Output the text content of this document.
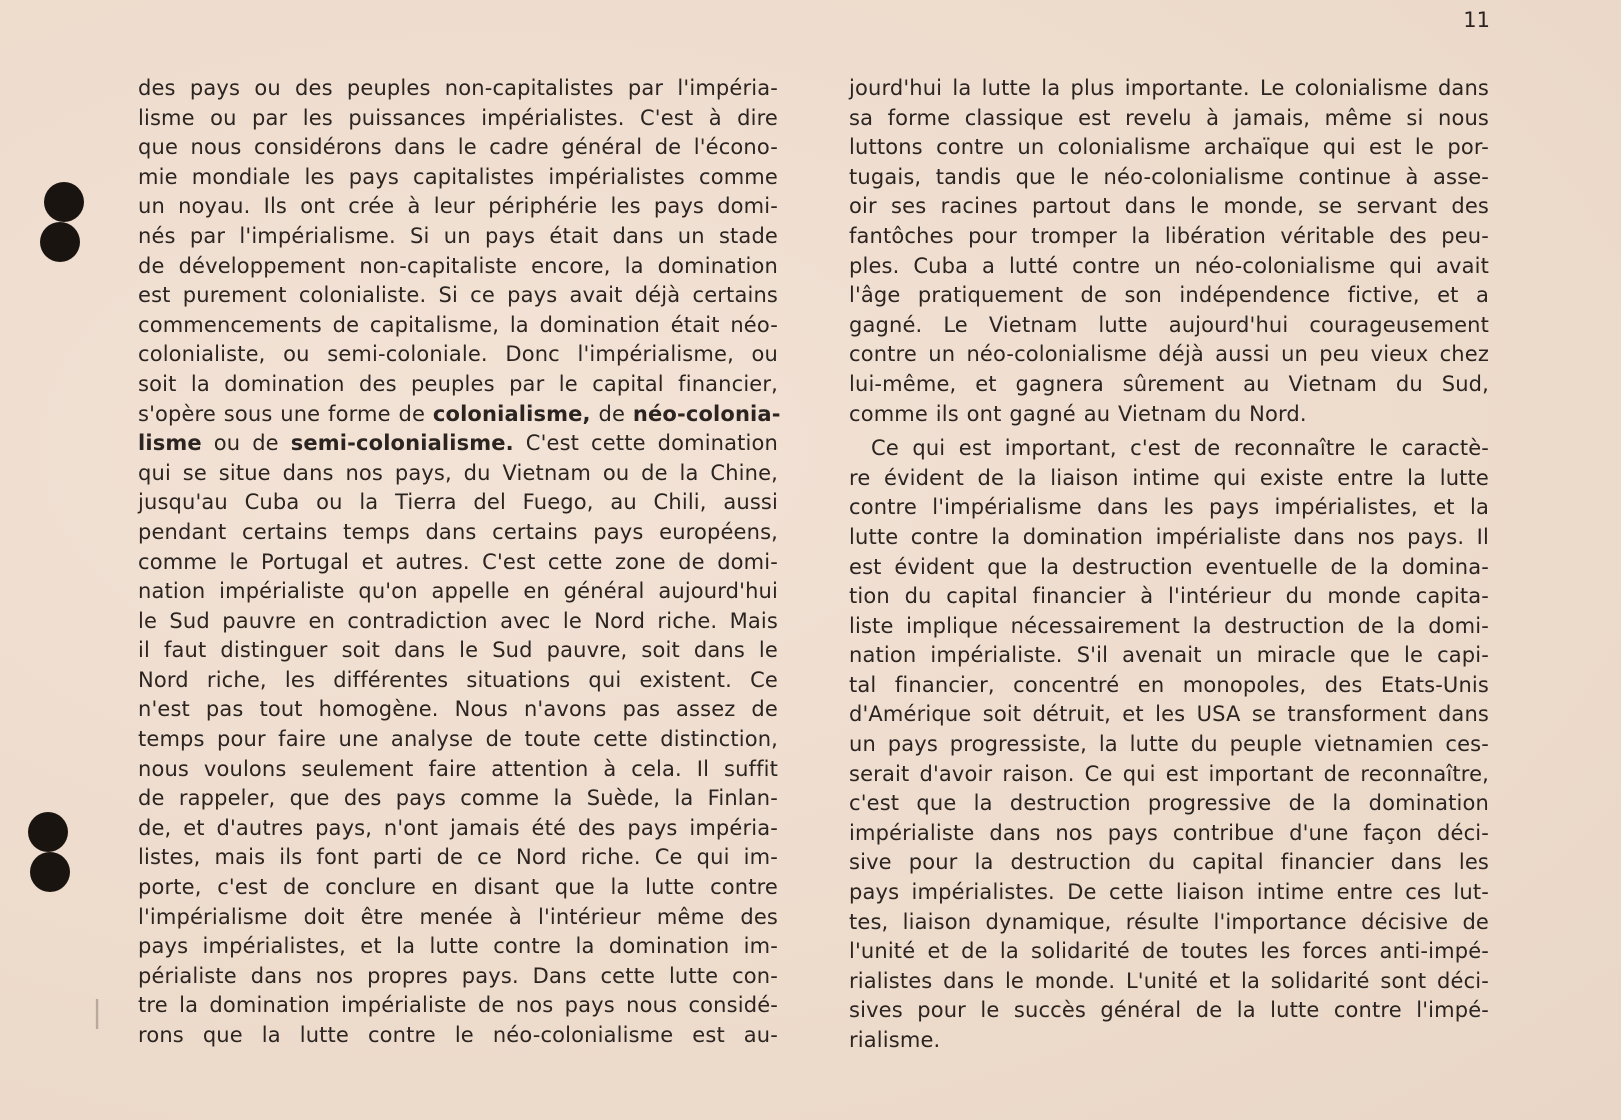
11
|
des pays ou des peuples non-capitalistes par l'impéria-
lisme ou par les puissances impérialistes. C'est à dire
que nous considérons dans le cadre général de l'écono-
mie mondiale les pays capitalistes impérialistes comme
un noyau. Ils ont crée à leur périphérie les pays domi-
nés par l'impérialisme. Si un pays était dans un stade
de développement non-capitaliste encore, la domination
est purement colonialiste. Si ce pays avait déjà certains
commencements de capitalisme, la domination était néo-
colonialiste, ou semi-coloniale. Donc l'impérialisme, ou
soit la domination des peuples par le capital financier,
s'opère sous une forme de colonialisme, de néo-colonia-
lisme ou de semi-colonialisme. C'est cette domination
qui se situe dans nos pays, du Vietnam ou de la Chine,
jusqu'au Cuba ou la Tierra del Fuego, au Chili, aussi
pendant certains temps dans certains pays européens,
comme le Portugal et autres. C'est cette zone de domi-
nation impérialiste qu'on appelle en général aujourd'hui
le Sud pauvre en contradiction avec le Nord riche. Mais
il faut distinguer soit dans le Sud pauvre, soit dans le
Nord riche, les différentes situations qui existent. Ce
n'est pas tout homogène. Nous n'avons pas assez de
temps pour faire une analyse de toute cette distinction,
nous voulons seulement faire attention à cela. Il suffit
de rappeler, que des pays comme la Suède, la Finlan-
de, et d'autres pays, n'ont jamais été des pays impéria-
listes, mais ils font parti de ce Nord riche. Ce qui im-
porte, c'est de conclure en disant que la lutte contre
l'impérialisme doit être menée à l'intérieur même des
pays impérialistes, et la lutte contre la domination im-
périaliste dans nos propres pays. Dans cette lutte con-
tre la domination impérialiste de nos pays nous considé-
rons que la lutte contre le néo-colonialisme est au-
jourd'hui la lutte la plus importante. Le colonialisme dans
sa forme classique est revelu à jamais, même si nous
luttons contre un colonialisme archaïque qui est le por-
tugais, tandis que le néo-colonialisme continue à asse-
oir ses racines partout dans le monde, se servant des
fantôches pour tromper la libération véritable des peu-
ples. Cuba a lutté contre un néo-colonialisme qui avait
l'âge pratiquement de son indépendence fictive, et a
gagné. Le Vietnam lutte aujourd'hui courageusement
contre un néo-colonialisme déjà aussi un peu vieux chez
lui-même, et gagnera sûrement au Vietnam du Sud,
comme ils ont gagné au Vietnam du Nord.
Ce qui est important, c'est de reconnaître le caractè-
re évident de la liaison intime qui existe entre la lutte
contre l'impérialisme dans les pays impérialistes, et la
lutte contre la domination impérialiste dans nos pays. Il
est évident que la destruction eventuelle de la domina-
tion du capital financier à l'intérieur du monde capita-
liste implique nécessairement la destruction de la domi-
nation impérialiste. S'il avenait un miracle que le capi-
tal financier, concentré en monopoles, des Etats-Unis
d'Amérique soit détruit, et les USA se transforment dans
un pays progressiste, la lutte du peuple vietnamien ces-
serait d'avoir raison. Ce qui est important de reconnaître,
c'est que la destruction progressive de la domination
impérialiste dans nos pays contribue d'une façon déci-
sive pour la destruction du capital financier dans les
pays impérialistes. De cette liaison intime entre ces lut-
tes, liaison dynamique, résulte l'importance décisive de
l'unité et de la solidarité de toutes les forces anti-impé-
rialistes dans le monde. L'unité et la solidarité sont déci-
sives pour le succès général de la lutte contre l'impé-
rialisme.
